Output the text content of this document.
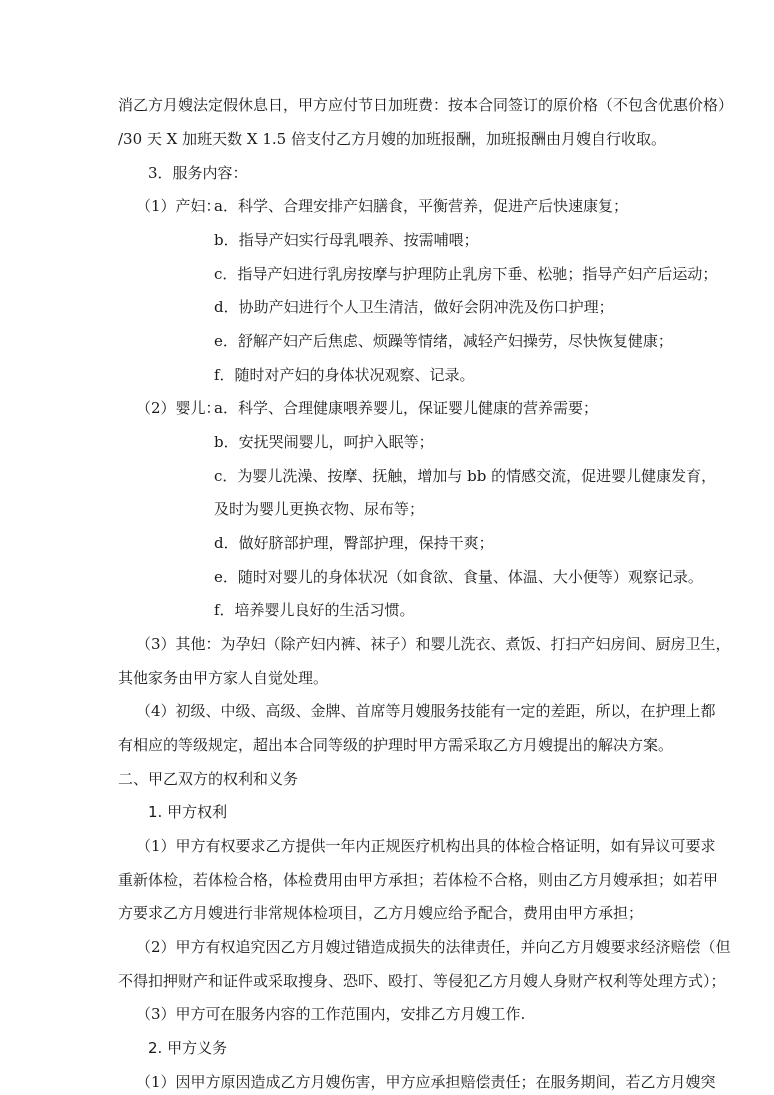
消乙方月嫂法定假休息日，甲方应付节日加班费：按本合同签订的原价格（不包含优惠价格）
/30 天 X 加班天数 X 1.5 倍支付乙方月嫂的加班报酬，加班报酬由月嫂自行收取。
3．服务内容：
（1）产妇：
a．科学、合理安排产妇膳食，平衡营养，促进产后快速康复；
b．指导产妇实行母乳喂养、按需哺喂；
c．指导产妇进行乳房按摩与护理防止乳房下垂、松驰；指导产妇产后运动；
d．协助产妇进行个人卫生清洁，做好会阴冲洗及伤口护理；
e．舒解产妇产后焦虑、烦躁等情绪，减轻产妇操劳，尽快恢复健康；
f．随时对产妇的身体状况观察、记录。
（2）婴儿：
a．科学、合理健康喂养婴儿，保证婴儿健康的营养需要；
b．安抚哭闹婴儿，呵护入眠等；
c．为婴儿洗澡、按摩、抚触，增加与 bb 的情感交流，促进婴儿健康发育，
及时为婴儿更换衣物、尿布等；
d．做好脐部护理，臀部护理，保持干爽；
e．随时对婴儿的身体状况（如食欲、食量、体温、大小便等）观察记录。
f．培养婴儿良好的生活习惯。
（3）其他：为孕妇（除产妇内裤、袜子）和婴儿洗衣、煮饭、打扫产妇房间、厨房卫生，
其他家务由甲方家人自觉处理。
（4）初级、中级、高级、金牌、首席等月嫂服务技能有一定的差距，所以，在护理上都
有相应的等级规定，超出本合同等级的护理时甲方需采取乙方月嫂提出的解决方案。
二、甲乙双方的权利和义务
1. 甲方权利
（1）甲方有权要求乙方提供一年内正规医疗机构出具的体检合格证明，如有异议可要求
重新体检，若体检合格，体检费用由甲方承担；若体检不合格，则由乙方月嫂承担；如若甲
方要求乙方月嫂进行非常规体检项目，乙方月嫂应给予配合，费用由甲方承担；
（2）甲方有权追究因乙方月嫂过错造成损失的法律责任，并向乙方月嫂要求经济赔偿（但
不得扣押财产和证件或采取搜身、恐吓、殴打、等侵犯乙方月嫂人身财产权利等处理方式）；
（3）甲方可在服务内容的工作范围内，安排乙方月嫂工作.
2. 甲方义务
（1）因甲方原因造成乙方月嫂伤害，甲方应承担赔偿责任；在服务期间，若乙方月嫂突
